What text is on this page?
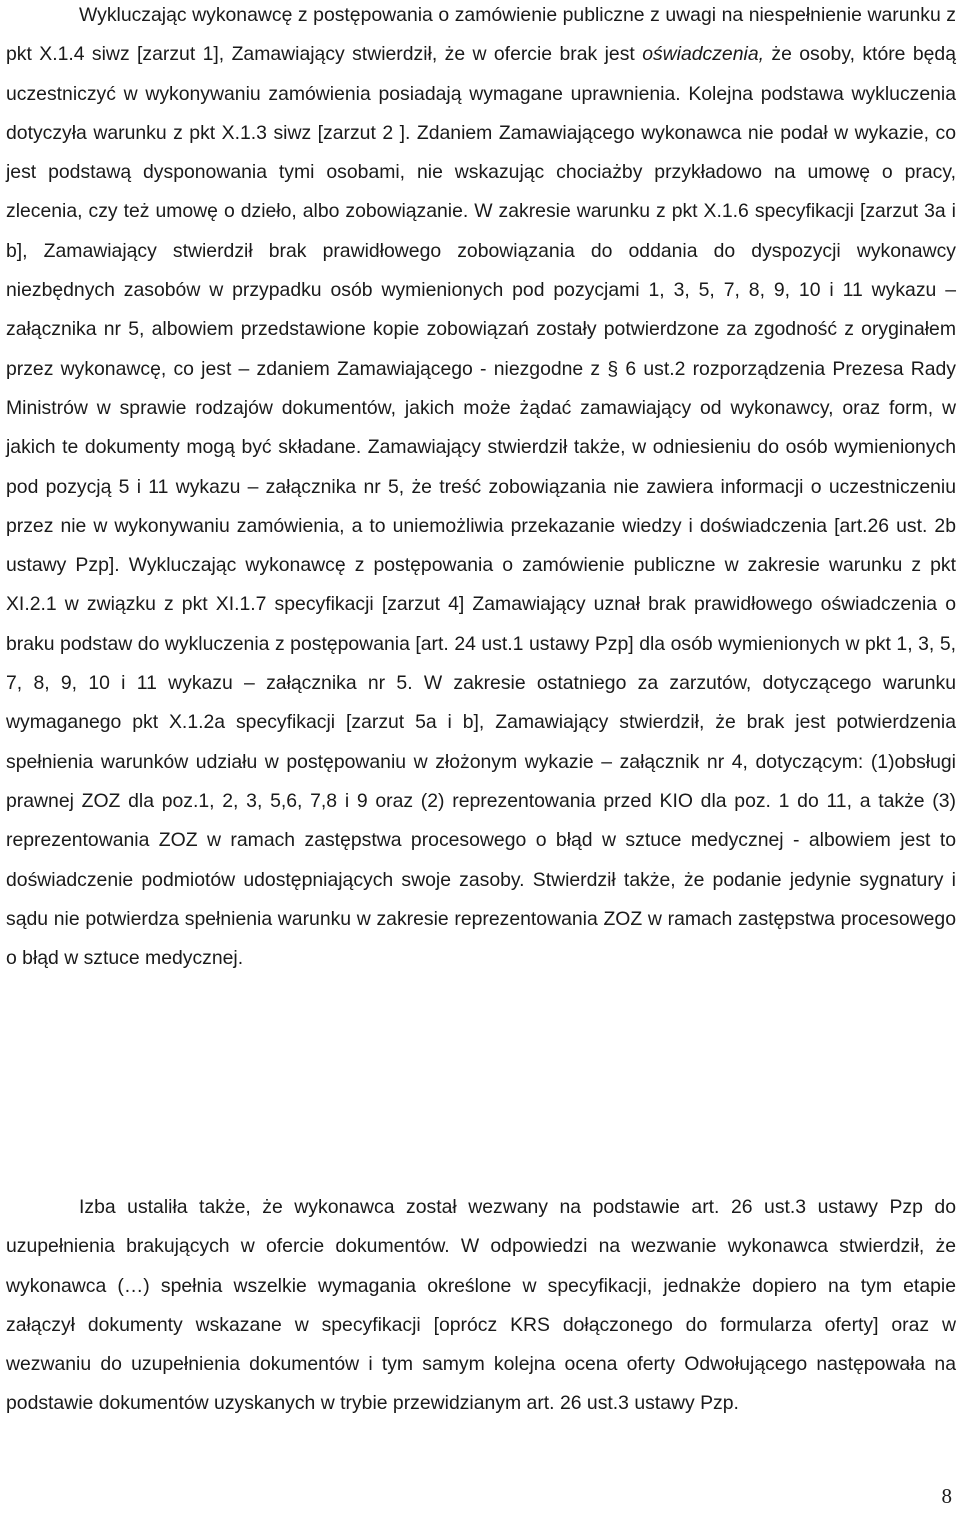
Wykluczając wykonawcę z postępowania o zamówienie publiczne z uwagi na niespełnienie warunku z pkt X.1.4 siwz [zarzut 1], Zamawiający stwierdził, że w ofercie brak jest oświadczenia, że osoby, które będą uczestniczyć w wykonywaniu zamówienia posiadają wymagane uprawnienia. Kolejna podstawa wykluczenia dotyczyła warunku z pkt X.1.3 siwz [zarzut 2 ]. Zdaniem Zamawiającego wykonawca nie podał w wykazie, co jest podstawą dysponowania tymi osobami, nie wskazując chociażby przykładowo na umowę o pracy, zlecenia, czy też umowę o dzieło, albo zobowiązanie. W zakresie warunku z pkt X.1.6 specyfikacji [zarzut 3a i b], Zamawiający stwierdził brak prawidłowego zobowiązania do oddania do dyspozycji wykonawcy niezbędnych zasobów w przypadku osób wymienionych pod pozycjami 1, 3, 5, 7, 8, 9, 10 i 11 wykazu – załącznika nr 5, albowiem przedstawione kopie zobowiązań zostały potwierdzone za zgodność z oryginałem przez wykonawcę, co jest – zdaniem Zamawiającego - niezgodne z § 6 ust.2 rozporządzenia Prezesa Rady Ministrów w sprawie rodzajów dokumentów, jakich może żądać zamawiający od wykonawcy, oraz form, w jakich te dokumenty mogą być składane. Zamawiający stwierdził także, w odniesieniu do osób wymienionych pod pozycją 5 i 11 wykazu – załącznika nr 5, że treść zobowiązania nie zawiera informacji o uczestniczeniu przez nie w wykonywaniu zamówienia, a to uniemożliwia przekazanie wiedzy i doświadczenia [art.26 ust. 2b ustawy Pzp]. Wykluczając wykonawcę z postępowania o zamówienie publiczne w zakresie warunku z pkt XI.2.1 w związku z pkt XI.1.7 specyfikacji [zarzut 4] Zamawiający uznał brak prawidłowego oświadczenia o braku podstaw do wykluczenia z postępowania [art. 24 ust.1 ustawy Pzp] dla osób wymienionych w pkt 1, 3, 5, 7, 8, 9, 10 i 11 wykazu – załącznika nr 5. W zakresie ostatniego za zarzutów, dotyczącego warunku wymaganego pkt X.1.2a specyfikacji [zarzut 5a i b], Zamawiający stwierdził, że brak jest potwierdzenia spełnienia warunków udziału w postępowaniu w złożonym wykazie – załącznik nr 4, dotyczącym: (1)obsługi prawnej ZOZ dla poz.1, 2, 3, 5,6, 7,8 i 9 oraz (2) reprezentowania przed KIO dla poz. 1 do 11, a także (3) reprezentowania ZOZ w ramach zastępstwa procesowego o błąd w sztuce medycznej - albowiem jest to doświadczenie podmiotów udostępniających swoje zasoby. Stwierdził także, że podanie jedynie sygnatury i sądu nie potwierdza spełnienia warunku w zakresie reprezentowania ZOZ w ramach zastępstwa procesowego o błąd w sztuce medycznej.

Izba ustaliła także, że wykonawca został wezwany na podstawie art. 26 ust.3 ustawy Pzp do uzupełnienia brakujących w ofercie dokumentów. W odpowiedzi na wezwanie wykonawca stwierdził, że wykonawca (…) spełnia wszelkie wymagania określone w specyfikacji, jednakże dopiero na tym etapie załączył dokumenty wskazane w specyfikacji [oprócz KRS dołączonego do formularza oferty] oraz w wezwaniu do uzupełnienia dokumentów i tym samym kolejna ocena oferty Odwołującego następowała na podstawie dokumentów uzyskanych w trybie przewidzianym art. 26 ust.3 ustawy Pzp.

8
